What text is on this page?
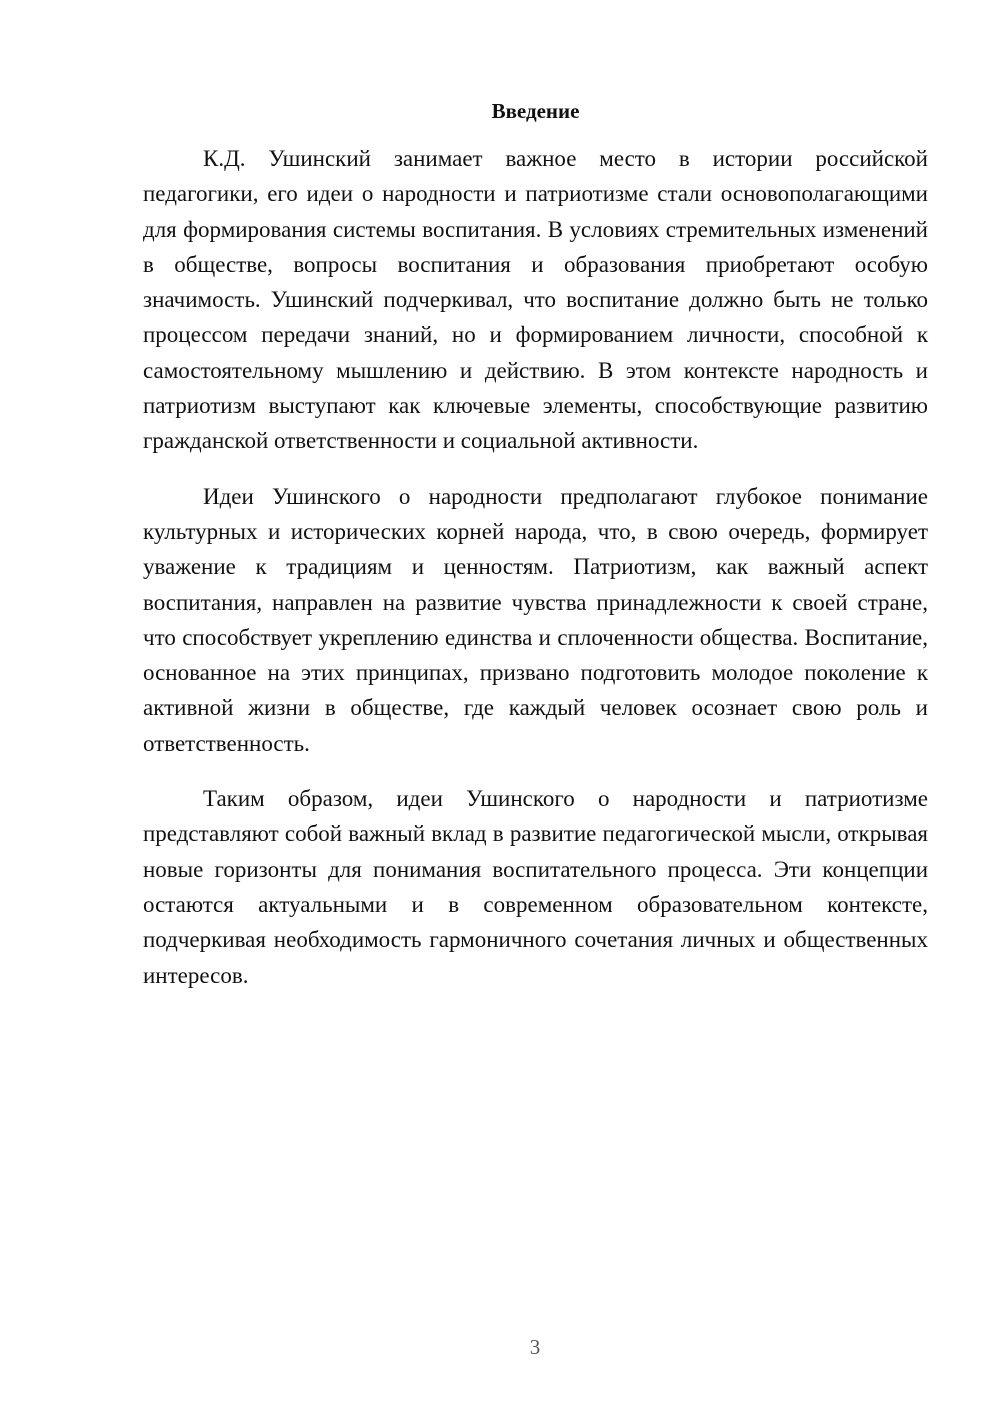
Введение

К.Д. Ушинский занимает важное место в истории российской педагогики, его идеи о народности и патриотизме стали основополагающими для формирования системы воспитания. В условиях стремительных изменений в обществе, вопросы воспитания и образования приобретают особую значимость. Ушинский подчеркивал, что воспитание должно быть не только процессом передачи знаний, но и формированием личности, способной к самостоятельному мышлению и действию. В этом контексте народность и патриотизм выступают как ключевые элементы, способствующие развитию гражданской ответственности и социальной активности.

Идеи Ушинского о народности предполагают глубокое понимание культурных и исторических корней народа, что, в свою очередь, формирует уважение к традициям и ценностям. Патриотизм, как важный аспект воспитания, направлен на развитие чувства принадлежности к своей стране, что способствует укреплению единства и сплоченности общества. Воспитание, основанное на этих принципах, призвано подготовить молодое поколение к активной жизни в обществе, где каждый человек осознает свою роль и ответственность.

Таким образом, идеи Ушинского о народности и патриотизме представляют собой важный вклад в развитие педагогической мысли, открывая новые горизонты для понимания воспитательного процесса. Эти концепции остаются актуальными и в современном образовательном контексте, подчеркивая необходимость гармоничного сочетания личных и общественных интересов.

3
